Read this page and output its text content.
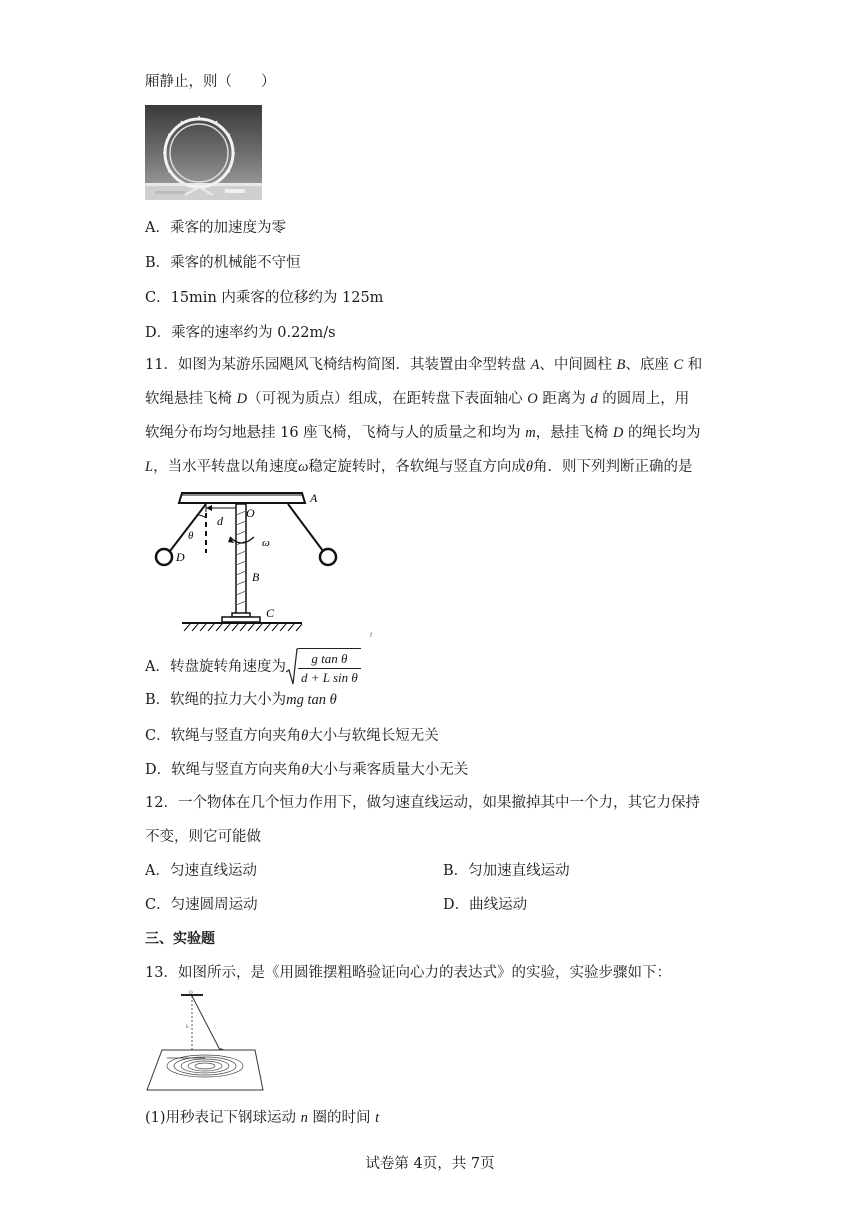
厢静止，则（　　）
A．乘客的加速度为零
B．乘客的机械能不守恒
C．15min 内乘客的位移约为 125m
D．乘客的速率约为 0.22m/s
11．如图为某游乐园飓风飞椅结构简图．其装置由伞型转盘 A、中间圆柱 B、底座 C 和
软绳悬挂飞椅 D（可视为质点）组成，在距转盘下表面轴心 O 距离为 d 的圆周上，用
软绳分布均匀地悬挂 16 座飞椅，飞椅与人的质量之和均为 m，悬挂飞椅 D 的绳长均为
L，当水平转盘以角速度ω稳定旋转时，各软绳与竖直方向成θ角．则下列判断正确的是
A
O
d
D
θ
ω
B
C
t
A．转盘旋转角速度为 $\frac{\text{g tan θ}}{\text{d + L sin θ}}$
B．软绳的拉力大小为mg tan θ
C．软绳与竖直方向夹角θ大小与软绳长短无关
D．软绳与竖直方向夹角θ大小与乘客质量大小无关
12．一个物体在几个恒力作用下，做匀速直线运动，如果撤掉其中一个力，其它力保持
不变，则它可能做
A．匀速直线运动	B．匀加速直线运动
C．匀速圆周运动	D．曲线运动
三、实验题
13．如图所示，是《用圆锥摆粗略验证向心力的表达式》的实验，实验步骤如下：
O
h
(1)用秒表记下钢球运动 n 圈的时间 t
试卷第 4页，共 7页
